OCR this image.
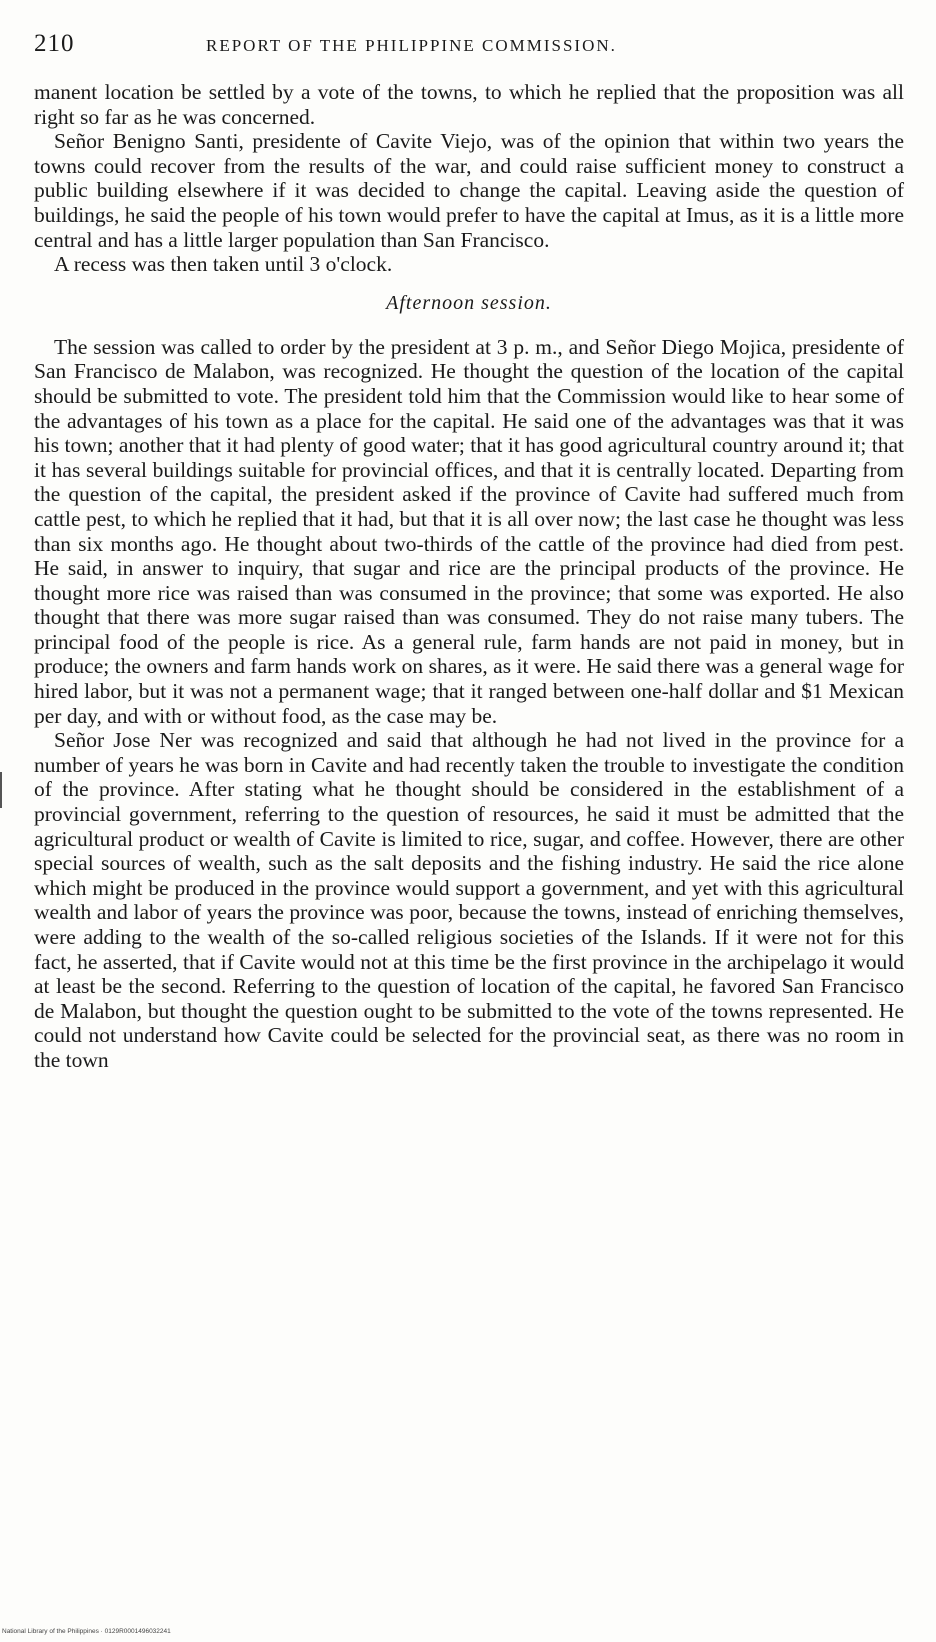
210	REPORT OF THE PHILIPPINE COMMISSION.

manent location be settled by a vote of the towns, to which he replied that the proposition was all right so far as he was concerned.

Señor Benigno Santi, presidente of Cavite Viejo, was of the opinion that within two years the towns could recover from the results of the war, and could raise sufficient money to construct a public building elsewhere if it was decided to change the capital. Leaving aside the question of buildings, he said the people of his town would prefer to have the capital at Imus, as it is a little more central and has a little larger population than San Francisco.

A recess was then taken until 3 o'clock.

Afternoon session.

The session was called to order by the president at 3 p. m., and Señor Diego Mojica, presidente of San Francisco de Malabon, was recognized. He thought the question of the location of the capital should be submitted to vote. The president told him that the Commission would like to hear some of the advantages of his town as a place for the capital. He said one of the advantages was that it was his town; another that it had plenty of good water; that it has good agricultural country around it; that it has several buildings suitable for provincial offices, and that it is centrally located. Departing from the question of the capital, the president asked if the province of Cavite had suffered much from cattle pest, to which he replied that it had, but that it is all over now; the last case he thought was less than six months ago. He thought about two-thirds of the cattle of the province had died from pest. He said, in answer to inquiry, that sugar and rice are the principal products of the province. He thought more rice was raised than was consumed in the province; that some was exported. He also thought that there was more sugar raised than was consumed. They do not raise many tubers. The principal food of the people is rice. As a general rule, farm hands are not paid in money, but in produce; the owners and farm hands work on shares, as it were. He said there was a general wage for hired labor, but it was not a permanent wage; that it ranged between one-half dollar and $1 Mexican per day, and with or without food, as the case may be.

Señor Jose Ner was recognized and said that although he had not lived in the province for a number of years he was born in Cavite and had recently taken the trouble to investigate the condition of the province. After stating what he thought should be considered in the establishment of a provincial government, referring to the question of resources, he said it must be admitted that the agricultural product or wealth of Cavite is limited to rice, sugar, and coffee. However, there are other special sources of wealth, such as the salt deposits and the fishing industry. He said the rice alone which might be produced in the province would support a government, and yet with this agricultural wealth and labor of years the province was poor, because the towns, instead of enriching themselves, were adding to the wealth of the so-called religious societies of the Islands. If it were not for this fact, he asserted, that if Cavite would not at this time be the first province in the archipelago it would at least be the second. Referring to the question of location of the capital, he favored San Francisco de Malabon, but thought the question ought to be submitted to the vote of the towns represented. He could not understand how Cavite could be selected for the provincial seat, as there was no room in the town

National Library of the Philippines · 0129R0001496032241
